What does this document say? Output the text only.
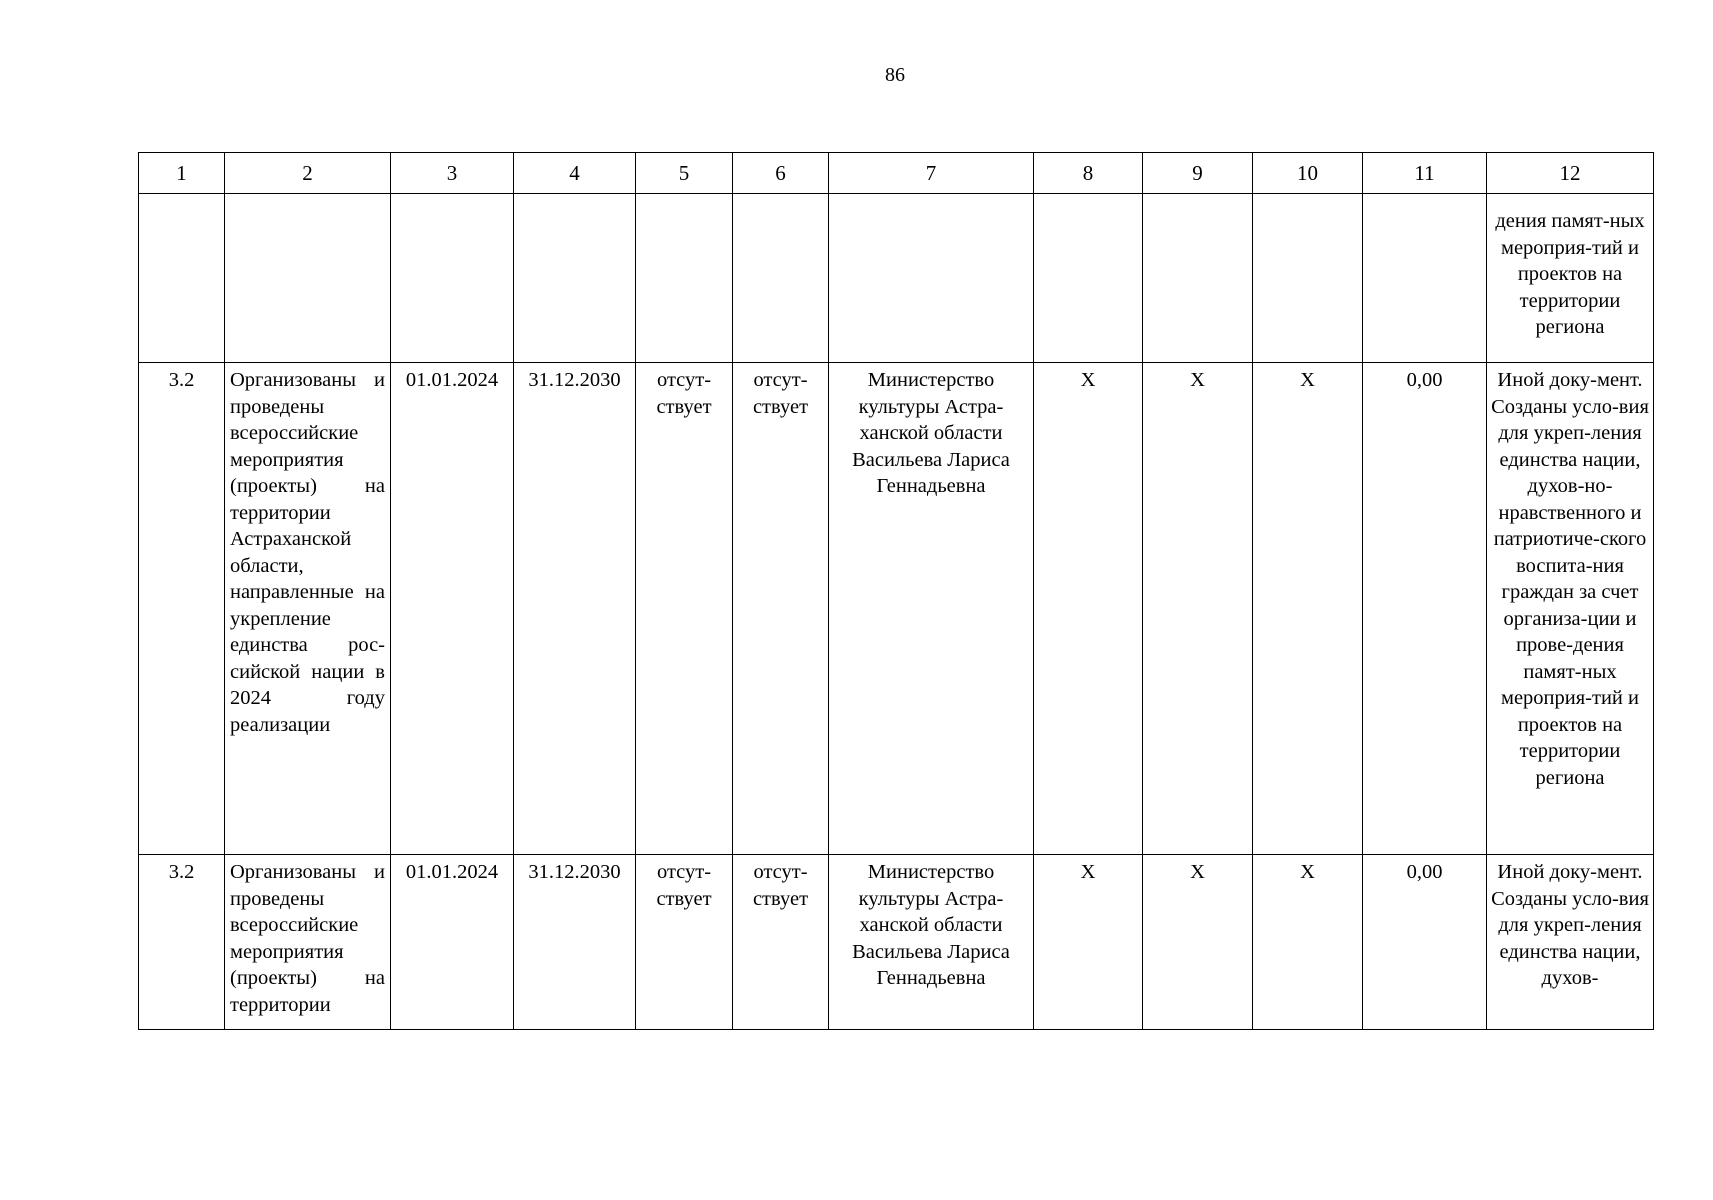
86
1	2	3	4	5	6	7	8	9	10	11	12
											дения памят-ных мероприя-тий и проектов на территории региона
3.2	Организованы и проведены всероссийские мероприятия (проекты) на территории Астраханской области, направленные на укрепление единства рос-сийской нации в 2024 году реализации	01.01.2024	31.12.2030	отсут-ствует	отсут-ствует	Министерство культуры Астра-ханской области Васильева Лариса Геннадьевна	X	X	X	0,00	Иной доку-мент. Созданы усло-вия для укреп-ления единства нации, духов-но-нравственного и патриотиче-ского воспита-ния граждан за счет организа-ции и прове-дения памят-ных мероприя-тий и проектов на территории региона
3.2	Организованы и проведены всероссийские мероприятия (проекты) на территории	01.01.2024	31.12.2030	отсут-ствует	отсут-ствует	Министерство культуры Астра-ханской области Васильева Лариса Геннадьевна	X	X	X	0,00	Иной доку-мент. Созданы усло-вия для укреп-ления единства нации, духов-
